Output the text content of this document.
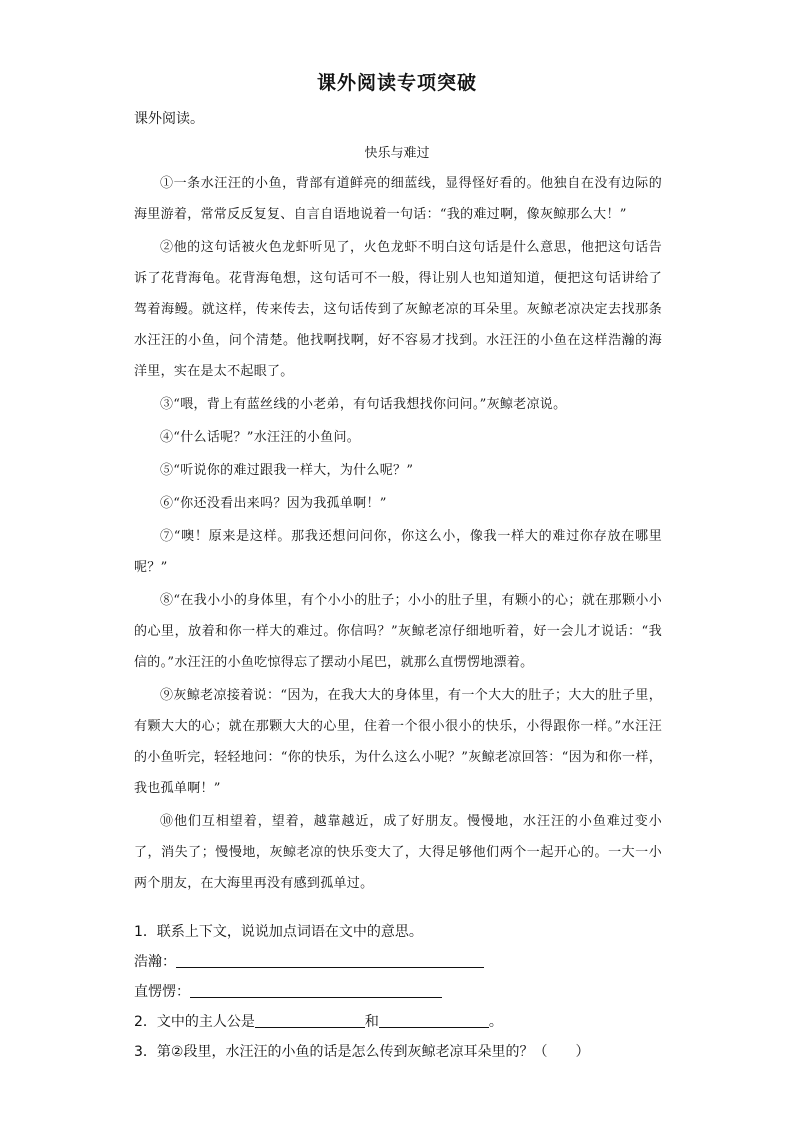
课外阅读专项突破
课外阅读。
快乐与难过

①一条水汪汪的小鱼，背部有道鲜亮的细蓝线，显得怪好看的。他独自在没有边际的海里游着，常常反反复复、自言自语地说着一句话：“我的难过啊，像灰鲸那么大！”

②他的这句话被火色龙虾听见了，火色龙虾不明白这句话是什么意思，他把这句话告诉了花背海龟。花背海龟想，这句话可不一般，得让别人也知道知道，便把这句话讲给了驾着海鳗。就这样，传来传去，这句话传到了灰鲸老凉的耳朵里。灰鲸老凉决定去找那条水汪汪的小鱼，问个清楚。他找啊找啊，好不容易才找到。水汪汪的小鱼在这样浩瀚的海洋里，实在是太不起眼了。

③“喂，背上有蓝丝线的小老弟，有句话我想找你问问。”灰鲸老凉说。

④“什么话呢？”水汪汪的小鱼问。

⑤“听说你的难过跟我一样大，为什么呢？”

⑥“你还没看出来吗？因为我孤单啊！”

⑦“噢！原来是这样。那我还想问问你，你这么小，像我一样大的难过你存放在哪里呢？”

⑧“在我小小的身体里，有个小小的肚子；小小的肚子里，有颗小的心；就在那颗小小的心里，放着和你一样大的难过。你信吗？”灰鲸老凉仔细地听着，好一会儿才说话：“我信的。”水汪汪的小鱼吃惊得忘了摆动小尾巴，就那么直愣愣地漂着。

⑨灰鲸老凉接着说：“因为，在我大大的身体里，有一个大大的肚子；大大的肚子里，有颗大大的心；就在那颗大大的心里，住着一个很小很小的快乐，小得跟你一样。”水汪汪的小鱼听完，轻轻地问：“你的快乐，为什么这么小呢？”灰鲸老凉回答：“因为和你一样，我也孤单啊！”

⑩他们互相望着，望着，越靠越近，成了好朋友。慢慢地，水汪汪的小鱼难过变小了，消失了；慢慢地，灰鲸老凉的快乐变大了，大得足够他们两个一起开心的。一大一小两个朋友，在大海里再没有感到孤单过。

1．联系上下文，说说加点词语在文中的意思。

浩瀚：

直愣愣：

2．文中的主人公是	和	。

3．第②段里，水汪汪的小鱼的话是怎么传到灰鲸老凉耳朵里的？（　　）
